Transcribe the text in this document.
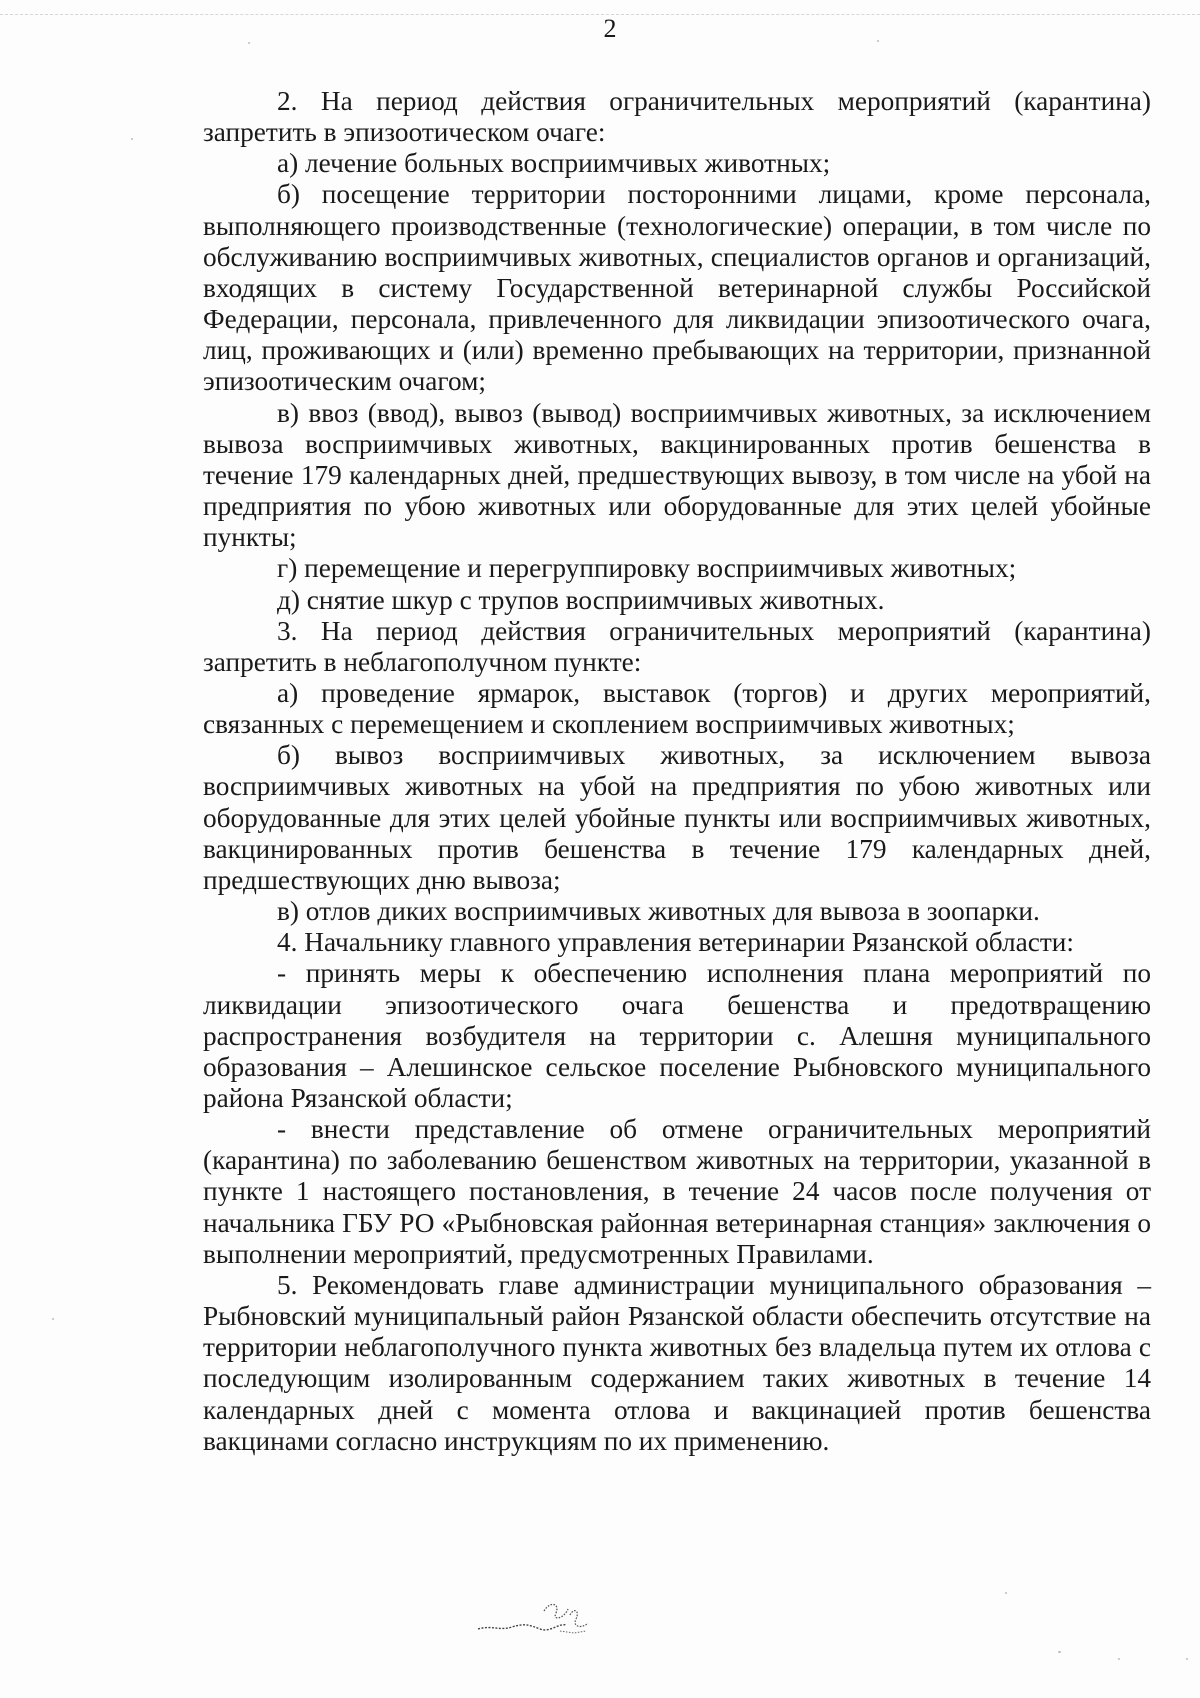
2

2. На период действия ограничительных мероприятий (карантина) запретить в эпизоотическом очаге:

а) лечение больных восприимчивых животных;

б) посещение территории посторонними лицами, кроме персонала, выполняющего производственные (технологические) операции, в том числе по обслуживанию восприимчивых животных, специалистов органов и организаций, входящих в систему Государственной ветеринарной службы Российской Федерации, персонала, привлеченного для ликвидации эпизоотического очага, лиц, проживающих и (или) временно пребывающих на территории, признанной эпизоотическим очагом;

в) ввоз (ввод), вывоз (вывод) восприимчивых животных, за исключением вывоза восприимчивых животных, вакцинированных против бешенства в течение 179 календарных дней, предшествующих вывозу, в том числе на убой на предприятия по убою животных или оборудованные для этих целей убойные пункты;

г) перемещение и перегруппировку восприимчивых животных;

д) снятие шкур с трупов восприимчивых животных.

3. На период действия ограничительных мероприятий (карантина) запретить в неблагополучном пункте:

а) проведение ярмарок, выставок (торгов) и других мероприятий, связанных с перемещением и скоплением восприимчивых животных;

б) вывоз восприимчивых животных, за исключением вывоза восприимчивых животных на убой на предприятия по убою животных или оборудованные для этих целей убойные пункты или восприимчивых животных, вакцинированных против бешенства в течение 179 календарных дней, предшествующих дню вывоза;

в) отлов диких восприимчивых животных для вывоза в зоопарки.

4. Начальнику главного управления ветеринарии Рязанской области:

- принять меры к обеспечению исполнения плана мероприятий по ликвидации эпизоотического очага бешенства и предотвращению распространения возбудителя на территории с. Алешня муниципального образования – Алешинское сельское поселение Рыбновского муниципального района Рязанской области;

- внести представление об отмене ограничительных мероприятий (карантина) по заболеванию бешенством животных на территории, указанной в пункте 1 настоящего постановления, в течение 24 часов после получения от начальника ГБУ РО «Рыбновская районная ветеринарная станция» заключения о выполнении мероприятий, предусмотренных Правилами.

5. Рекомендовать главе администрации муниципального образования – Рыбновский муниципальный район Рязанской области обеспечить отсутствие на территории неблагополучного пункта животных без владельца путем их отлова с последующим изолированным содержанием таких животных в течение 14 календарных дней с момента отлова и вакцинацией против бешенства вакцинами согласно инструкциям по их применению.
